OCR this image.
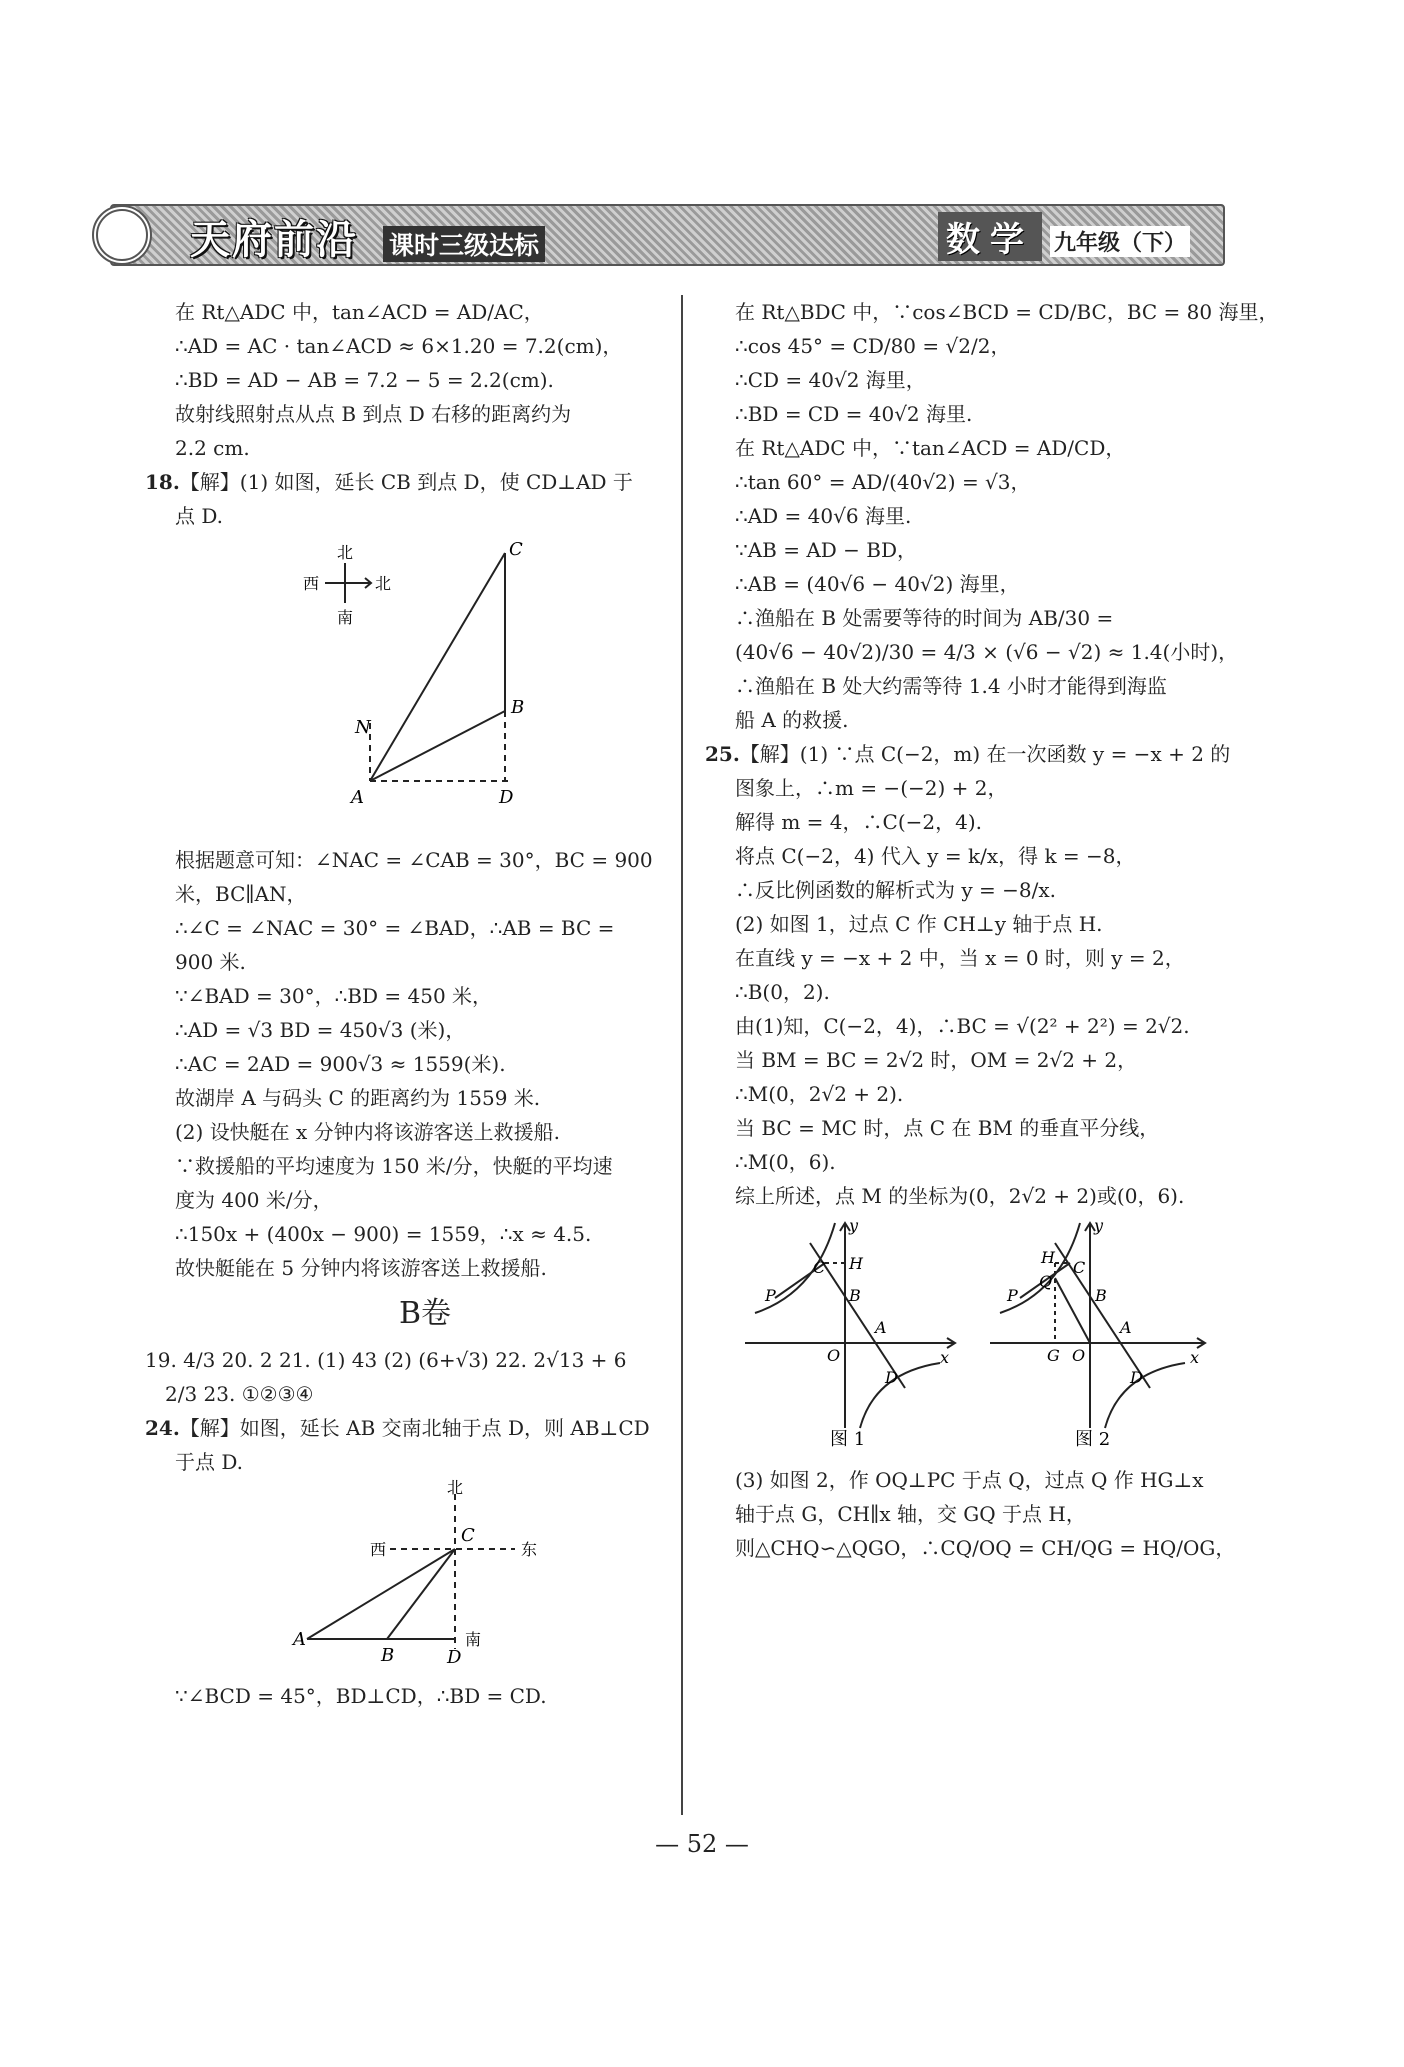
天府前沿 课时三级达标	数学 九年级（下）

在 Rt△ADC 中，tan∠ACD = AD/AC，

∴AD = AC · tan∠ACD ≈ 6×1.20 = 7.2(cm)，

∴BD = AD − AB = 7.2 − 5 = 2.2(cm).

故射线照射点从点 B 到点 D 右移的距离约为

2.2 cm.

18.【解】(1) 如图，延长 CB 到点 D，使 CD⊥AD 于

点 D.

北
南
西	北
C
B
N
A	D

根据题意可知：∠NAC = ∠CAB = 30°，BC = 900

米，BC∥AN，

∴∠C = ∠NAC = 30° = ∠BAD，∴AB = BC =

900 米.

∵∠BAD = 30°，∴BD = 450 米，

∴AD = √3 BD = 450√3 (米)，

∴AC = 2AD = 900√3 ≈ 1559(米).

故湖岸 A 与码头 C 的距离约为 1559 米.

(2) 设快艇在 x 分钟内将该游客送上救援船.

∵救援船的平均速度为 150 米/分，快艇的平均速

度为 400 米/分，

∴150x + (400x − 900) = 1559，∴x ≈ 4.5.

故快艇能在 5 分钟内将该游客送上救援船.

B卷

19. 4/3 20. 2 21. (1) 43 (2) (6+√3) 22. 2√13 + 6

2/3 23. ①②③④

24.【解】如图，延长 AB 交南北轴于点 D，则 AB⊥CD

于点 D.

北
南
西	东
A
B
C
D

∵∠BCD = 45°，BD⊥CD，∴BD = CD.

在 Rt△BDC 中，∵cos∠BCD = CD/BC，BC = 80 海里，

∴cos 45° = CD/80 = √2/2，

∴CD = 40√2 海里，

∴BD = CD = 40√2 海里.

在 Rt△ADC 中，∵tan∠ACD = AD/CD，

∴tan 60° = AD/(40√2) = √3，

∴AD = 40√6 海里.

∵AB = AD − BD，

∴AB = (40√6 − 40√2) 海里，

∴渔船在 B 处需要等待的时间为 AB/30 =

(40√6 − 40√2)/30 = 4/3 × (√6 − √2) ≈ 1.4(小时)，

∴渔船在 B 处大约需等待 1.4 小时才能得到海监

船 A 的救援.

25.【解】(1) ∵点 C(−2，m) 在一次函数 y = −x + 2 的

图象上，∴m = −(−2) + 2，

解得 m = 4，∴C(−2，4).

将点 C(−2，4) 代入 y = k/x，得 k = −8，

∴反比例函数的解析式为 y = −8/x.

(2) 如图 1，过点 C 作 CH⊥y 轴于点 H.

在直线 y = −x + 2 中，当 x = 0 时，则 y = 2，

∴B(0，2).

由(1)知，C(−2，4)，∴BC = √(2² + 2²) = 2√2.

当 BM = BC = 2√2 时，OM = 2√2 + 2，

∴M(0，2√2 + 2).

当 BC = MC 时，点 C 在 BM 的垂直平分线，

∴M(0，6).

综上所述，点 M 的坐标为(0，2√2 + 2)或(0，6).

y
x
O
P
C H
B
A
D
y
x
O
P
Q
H
C
B
A
G
D
图 1	图 2

(3) 如图 2，作 OQ⊥PC 于点 Q，过点 Q 作 HG⊥x

轴于点 G，CH∥x 轴，交 GQ 于点 H，

则△CHQ∽△QGO，∴CQ/OQ = CH/QG = HQ/OG，

— 52 —
